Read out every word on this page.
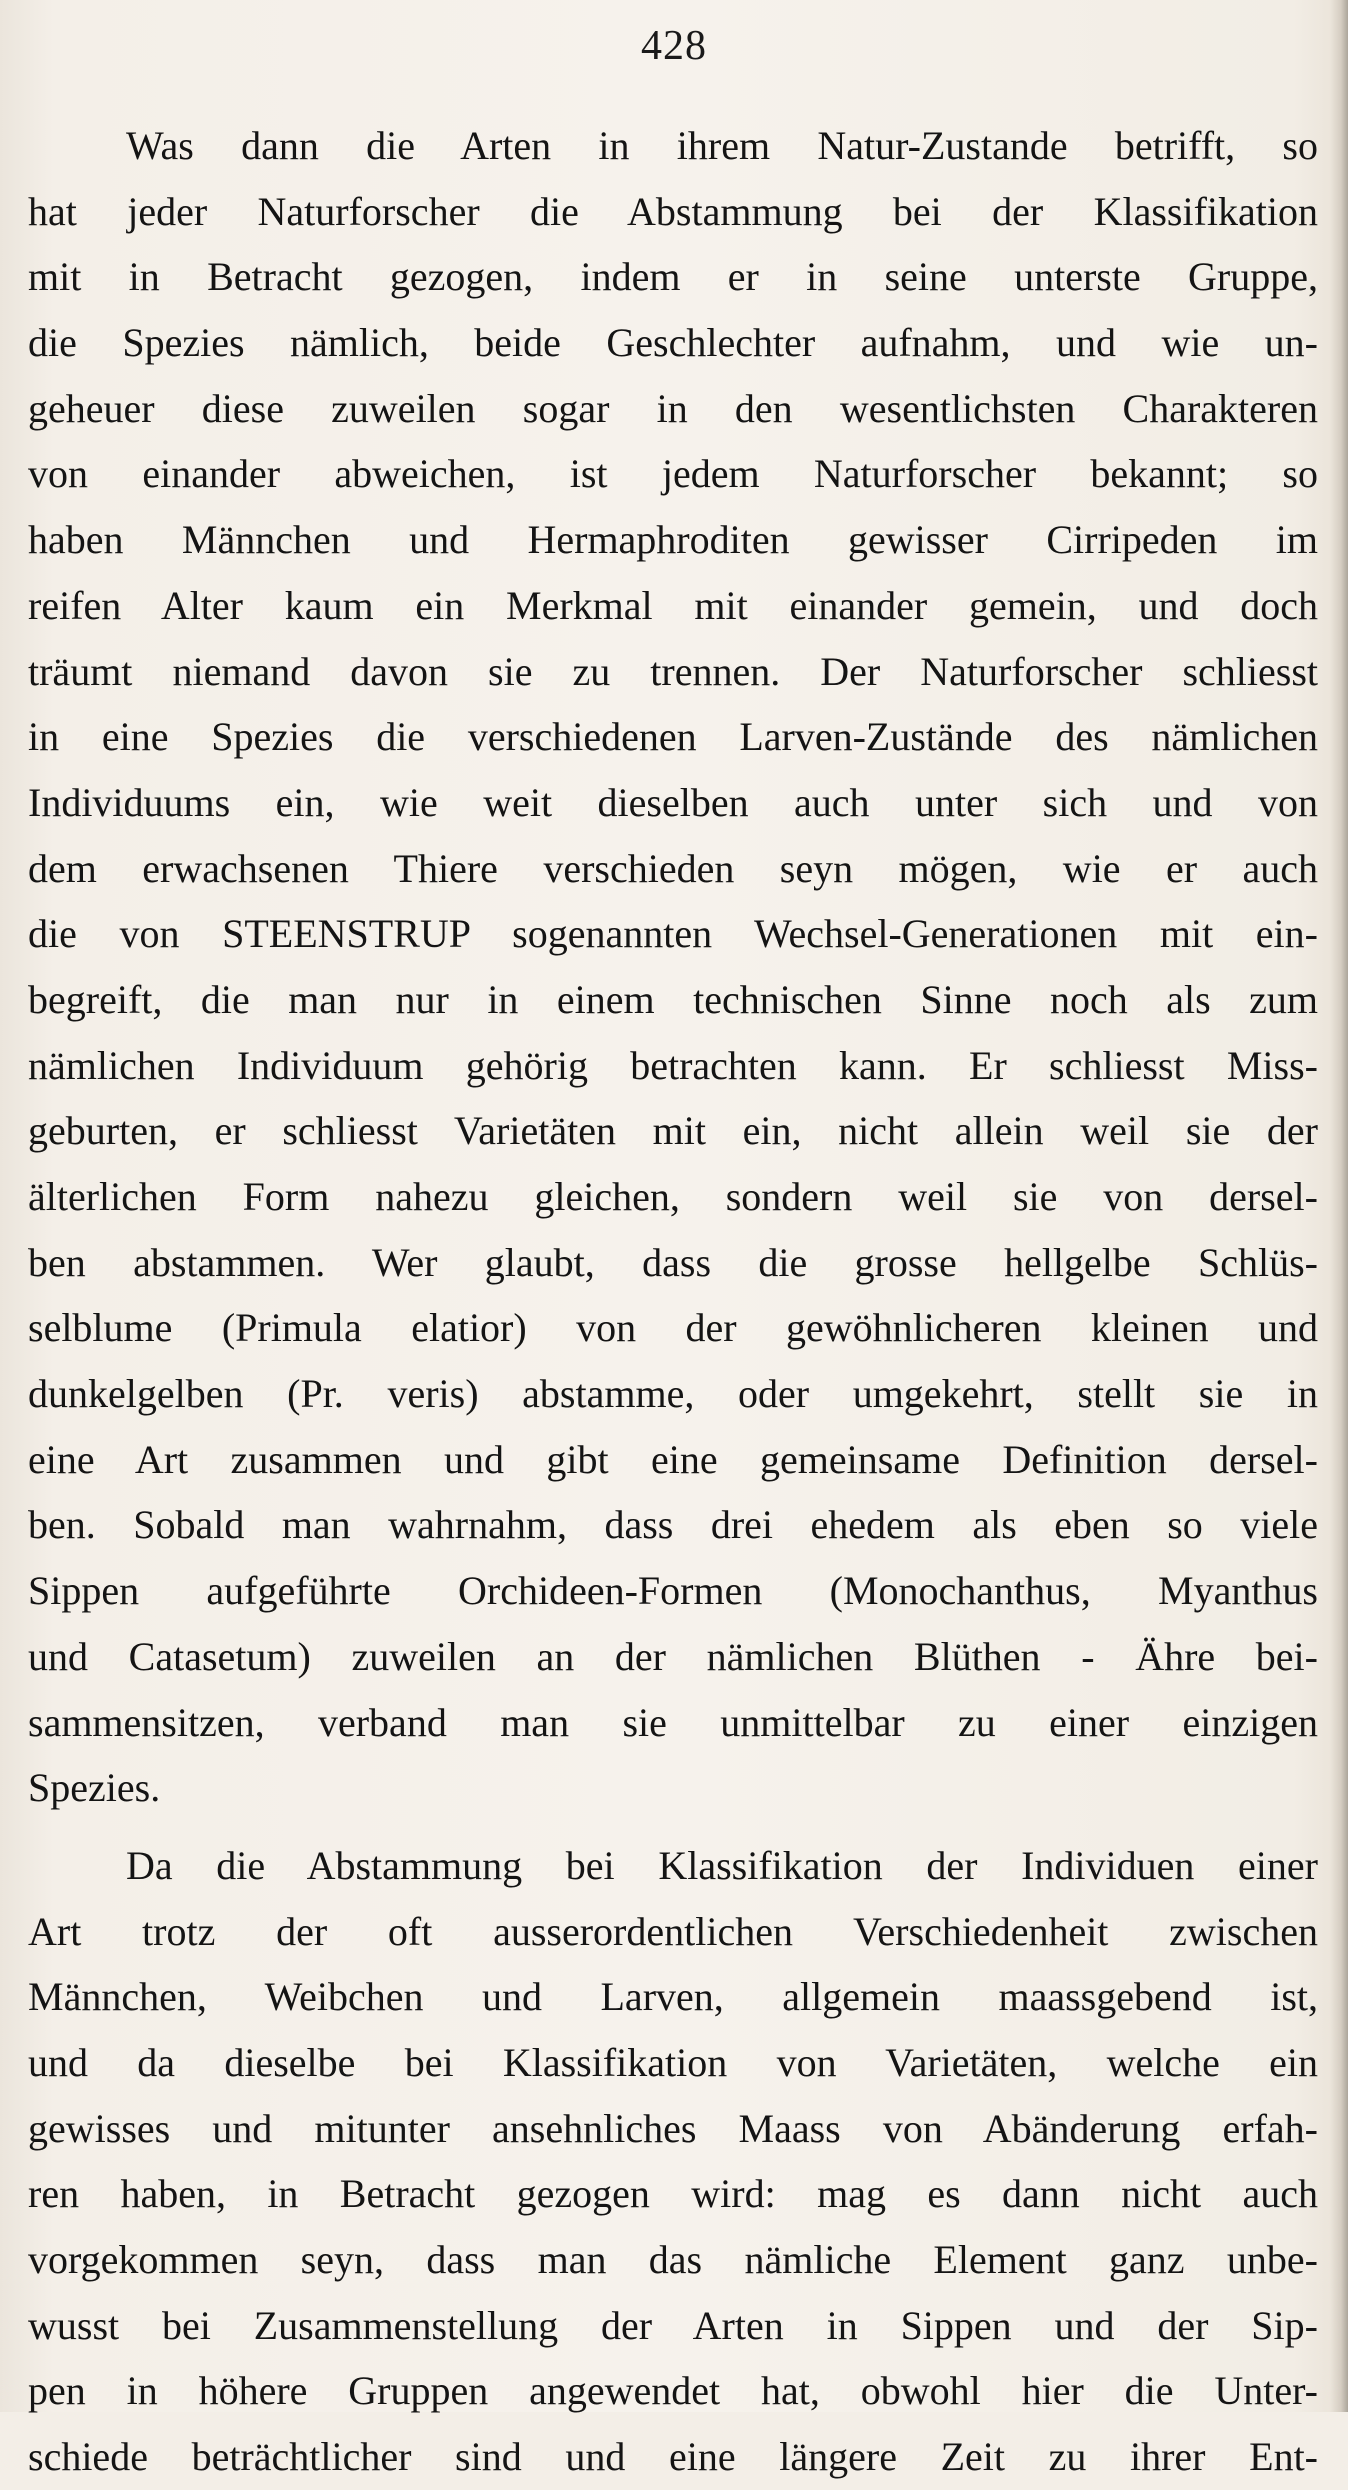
428
Was dann die Arten in ihrem Natur-Zustande betrifft, so
hat jeder Naturforscher die Abstammung bei der Klassifikation
mit in Betracht gezogen, indem er in seine unterste Gruppe,
die Spezies nämlich, beide Geschlechter aufnahm, und wie un-
geheuer diese zuweilen sogar in den wesentlichsten Charakteren
von einander abweichen, ist jedem Naturforscher bekannt; so
haben Männchen und Hermaphroditen gewisser Cirripeden im
reifen Alter kaum ein Merkmal mit einander gemein, und doch
träumt niemand davon sie zu trennen. Der Naturforscher schliesst
in eine Spezies die verschiedenen Larven-Zustände des nämlichen
Individuums ein, wie weit dieselben auch unter sich und von
dem erwachsenen Thiere verschieden seyn mögen, wie er auch
die von STEENSTRUP sogenannten Wechsel-Generationen mit ein-
begreift, die man nur in einem technischen Sinne noch als zum
nämlichen Individuum gehörig betrachten kann. Er schliesst Miss-
geburten, er schliesst Varietäten mit ein, nicht allein weil sie der
älterlichen Form nahezu gleichen, sondern weil sie von dersel-
ben abstammen. Wer glaubt, dass die grosse hellgelbe Schlüs-
selblume (Primula elatior) von der gewöhnlicheren kleinen und
dunkelgelben (Pr. veris) abstamme, oder umgekehrt, stellt sie in
eine Art zusammen und gibt eine gemeinsame Definition dersel-
ben. Sobald man wahrnahm, dass drei ehedem als eben so viele
Sippen aufgeführte Orchideen-Formen (Monochanthus, Myanthus
und Catasetum) zuweilen an der nämlichen Blüthen - Ähre bei-
sammensitzen, verband man sie unmittelbar zu einer einzigen
Spezies.
Da die Abstammung bei Klassifikation der Individuen einer
Art trotz der oft ausserordentlichen Verschiedenheit zwischen
Männchen, Weibchen und Larven, allgemein maassgebend ist,
und da dieselbe bei Klassifikation von Varietäten, welche ein
gewisses und mitunter ansehnliches Maass von Abänderung erfah-
ren haben, in Betracht gezogen wird: mag es dann nicht auch
vorgekommen seyn, dass man das nämliche Element ganz unbe-
wusst bei Zusammenstellung der Arten in Sippen und der Sip-
pen in höhere Gruppen angewendet hat, obwohl hier die Unter-
schiede beträchtlicher sind und eine längere Zeit zu ihrer Ent-
